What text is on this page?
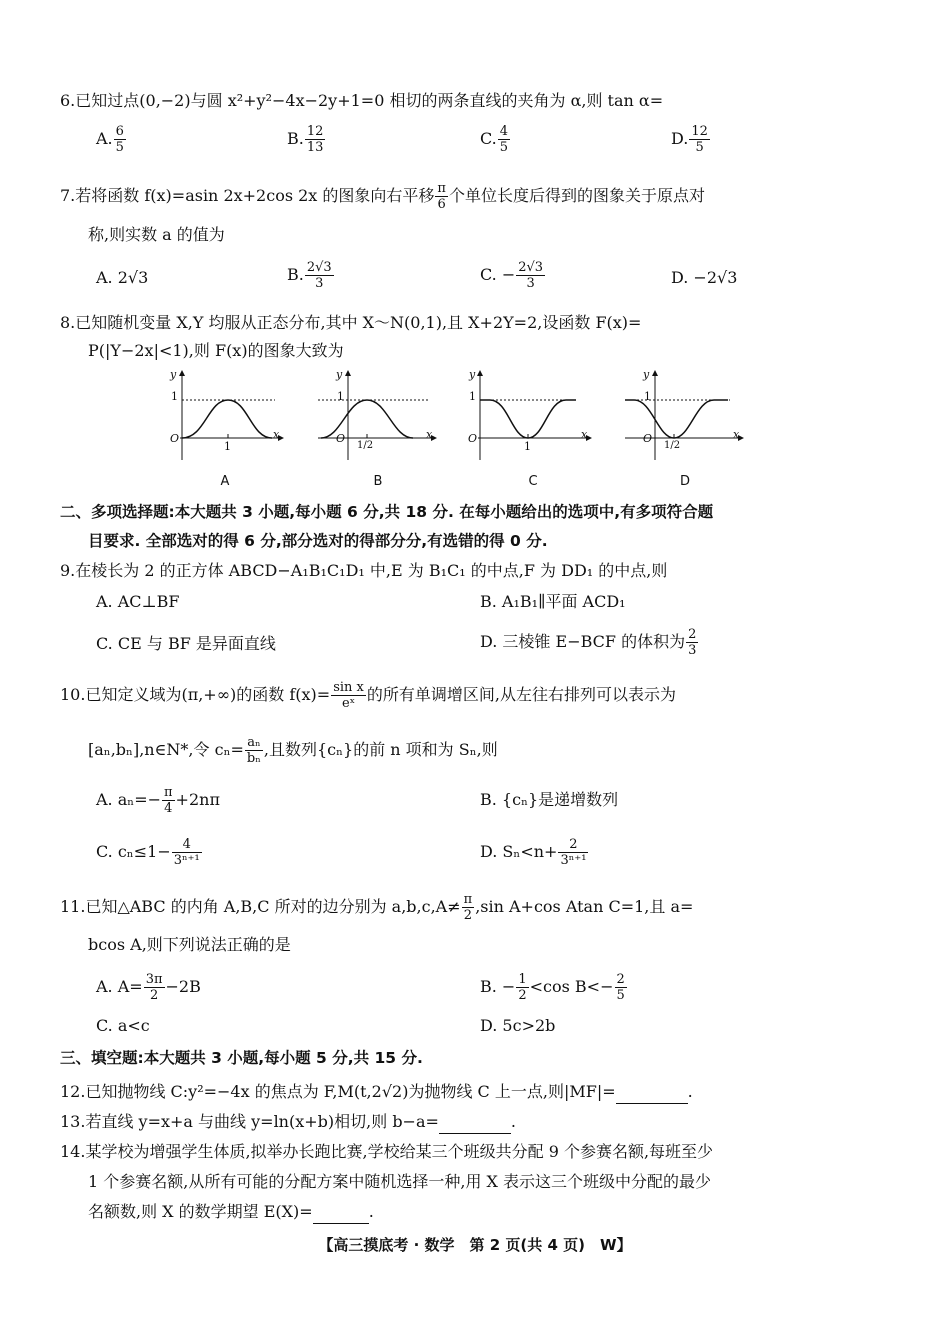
6.已知过点(0,−2)与圆 x²+y²−4x−2y+1=0 相切的两条直线的夹角为 α,则 tan α=
A. $\frac{6}{5}$	B. $\frac{12}{13}$	C. $\frac{4}{5}$	D. $\frac{12}{5}$
7.若将函数 f(x)=asin 2x+2cos 2x 的图象向右平移 $\frac{\pi}{6}$ 个单位长度后得到的图象关于原点对
称,则实数 a 的值为
A. 2√3	B. $\frac{2√3}{3}$	C. − $\frac{2√3}{3}$	D. −2√3
8.已知随机变量 X,Y 均服从正态分布,其中 X～N(0,1),且 X+2Y=2,设函数 F(x)=
P(|Y−2x|<1),则 F(x)的图象大致为
y
1
O
1
x
A
y
1
O
1/2
x
B
y
1
O
1
x
C
y
1
O
1/2
x
D
二、多项选择题:本大题共 3 小题,每小题 6 分,共 18 分. 在每小题给出的选项中,有多项符合题
目要求. 全部选对的得 6 分,部分选对的得部分分,有选错的得 0 分.
9.在棱长为 2 的正方体 ABCD−A₁B₁C₁D₁ 中,E 为 B₁C₁ 的中点,F 为 DD₁ 的中点,则
A. AC⊥BF	B. A₁B₁∥平面 ACD₁
C. CE 与 BF 是异面直线	D. 三棱锥 E−BCF 的体积为 $\frac{2}{3}$
10.已知定义域为(π,+∞)的函数 $f(x)= \frac{\text{sin x}}{\text{eˣ}}$ 的所有单调增区间,从左往右排列可以表示为
[aₙ,bₙ],n∈N*,令 $c_n= \frac{\text{aₙ}}{\text{bₙ}}$ ,且数列{cₙ}的前 n 项和为 Sₙ,则
A. $a_n=- \frac{\pi}{4} +2n\pi$	B. {cₙ}是递增数列
C. $c_n\le 1- \frac{4}{\text{3ⁿ⁺¹}}$	D. $S_n<n+ \frac{2}{\text{3ⁿ⁺¹}}$
11.已知△ABC 的内角 A,B,C 所对的边分别为 $a,b,c,A\ne \frac{\pi}{2} ,\sin$ A+cos Atan C=1,且 a=
bcos A,则下列说法正确的是
A. $A= \frac{3\pi}{2} -2B$	B. − $\frac{1}{2} <\cos$ $B<- \frac{2}{5}$
C. a<c	D. 5c>2b
三、填空题:本大题共 3 小题,每小题 5 分,共 15 分.
12.已知抛物线 C:y²=−4x 的焦点为 F,M(t,2√2)为抛物线 C 上一点,则|MF|=	.
13.若直线 y=x+a 与曲线 y=ln(x+b)相切,则 b−a=	.
14.某学校为增强学生体质,拟举办长跑比赛,学校给某三个班级共分配 9 个参赛名额,每班至少
1 个参赛名额,从所有可能的分配方案中随机选择一种,用 X 表示这三个班级中分配的最少
名额数,则 X 的数学期望 E(X)=	.
【高三摸底考 · 数学　第 2 页(共 4 页)　W】
